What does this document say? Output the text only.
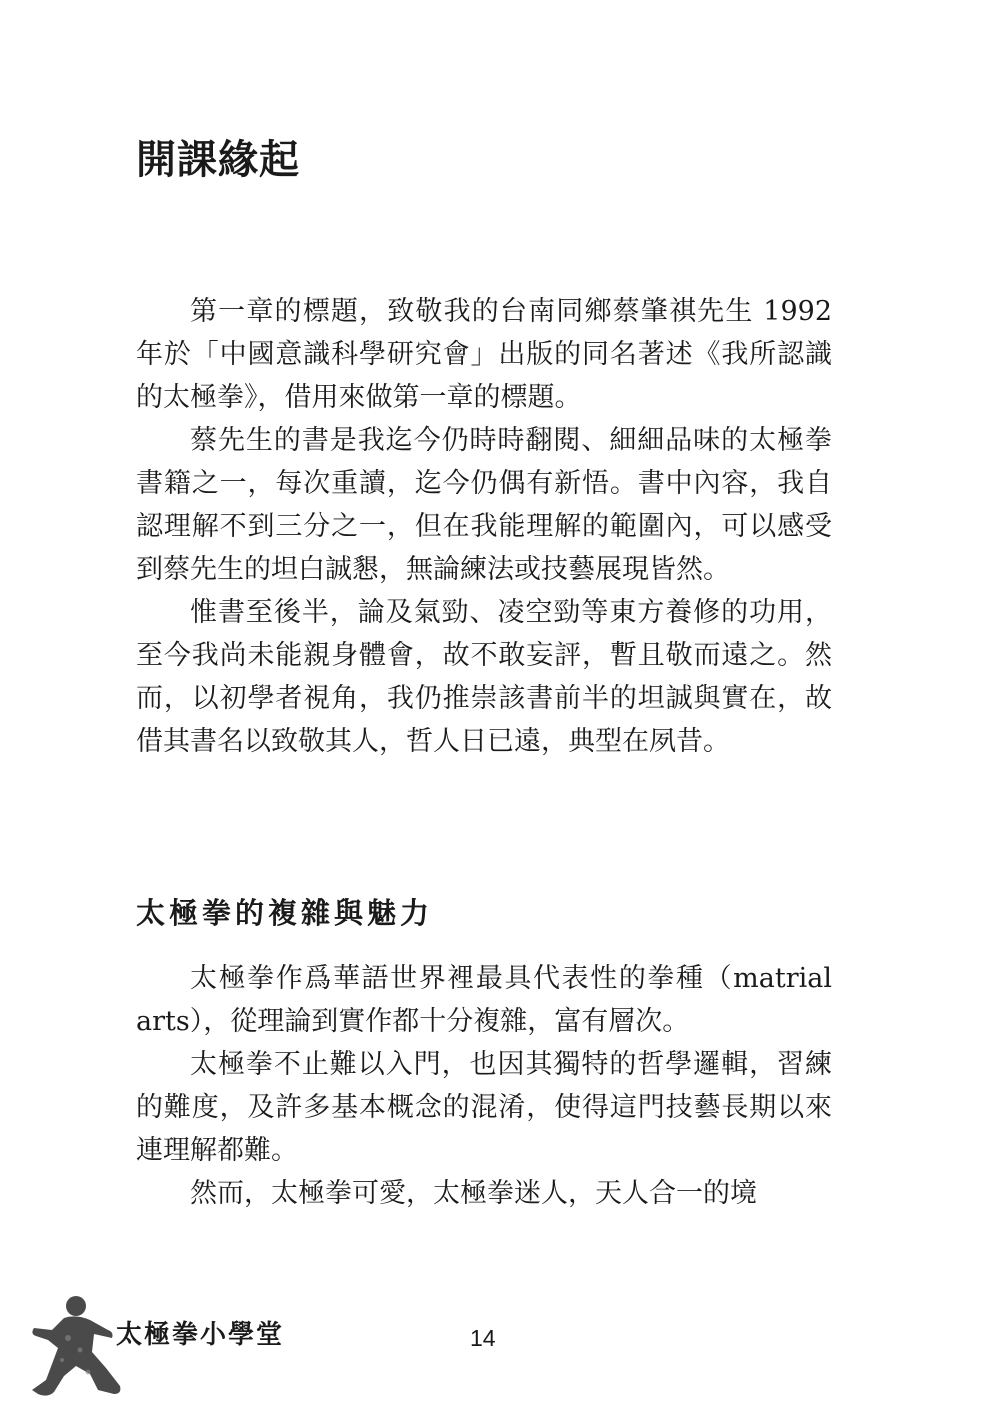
開課緣起

第一章的標題，致敬我的台南同鄉蔡肇祺先生 1992 年於「中國意識科學研究會」出版的同名著述《我所認識的太極拳》，借用來做第一章的標題。

蔡先生的書是我迄今仍時時翻閱、細細品味的太極拳書籍之一，每次重讀，迄今仍偶有新悟。書中內容，我自認理解不到三分之一，但在我能理解的範圍內，可以感受到蔡先生的坦白誠懇，無論練法或技藝展現皆然。

惟書至後半，論及氣勁、凌空勁等東方養修的功用，至今我尚未能親身體會，故不敢妄評，暫且敬而遠之。然而，以初學者視角，我仍推崇該書前半的坦誠與實在，故借其書名以致敬其人，哲人日已遠，典型在夙昔。

太極拳的複雜與魅力

太極拳作爲華語世界裡最具代表性的拳種（matrial arts），從理論到實作都十分複雜，富有層次。

太極拳不止難以入門，也因其獨特的哲學邏輯，習練的難度，及許多基本概念的混淆，使得這門技藝長期以來連理解都難。

然而，太極拳可愛，太極拳迷人，天人合一的境

太極拳小學堂	14
